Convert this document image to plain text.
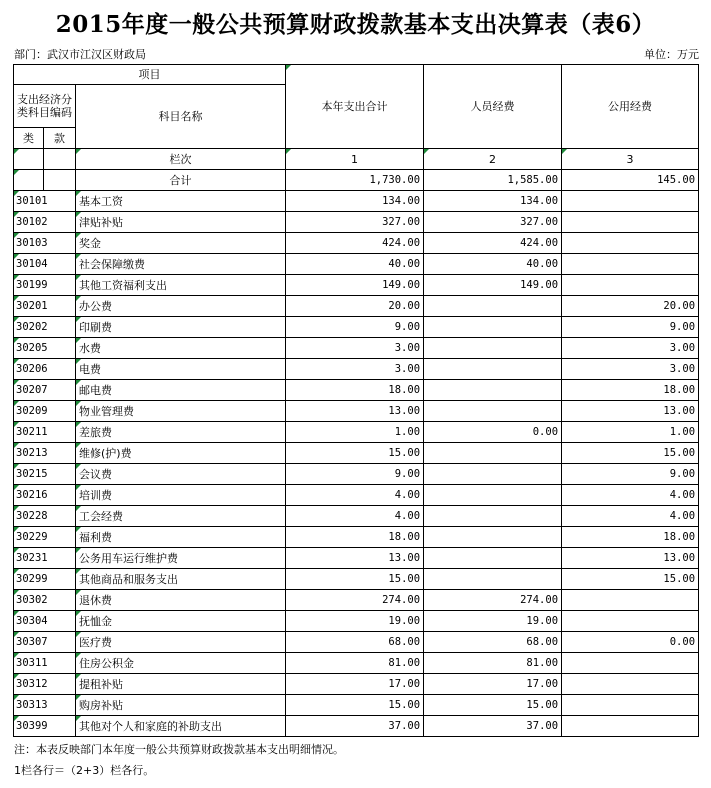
2015年度一般公共预算财政拨款基本支出决算表（表6）
部门：武汉市江汉区财政局	单位：万元
项目			本年支出合计	人员经费	公用经费
支出经济分类科目编码		科目名称			
类	款				
		栏次	1	2	3
		合计	1,730.00	1,585.00	145.00
30101		基本工资	134.00	134.00	
30102		津贴补贴	327.00	327.00	
30103		奖金	424.00	424.00	
30104		社会保障缴费	40.00	40.00	
30199		其他工资福利支出	149.00	149.00	
30201		办公费	20.00		20.00
30202		印刷费	9.00		9.00
30205		水费	3.00		3.00
30206		电费	3.00		3.00
30207		邮电费	18.00		18.00
30209		物业管理费	13.00		13.00
30211		差旅费	1.00	0.00	1.00
30213		维修(护)费	15.00		15.00
30215		会议费	9.00		9.00
30216		培训费	4.00		4.00
30228		工会经费	4.00		4.00
30229		福利费	18.00		18.00
30231		公务用车运行维护费	13.00		13.00
30299		其他商品和服务支出	15.00		15.00
30302		退休费	274.00	274.00	
30304		抚恤金	19.00	19.00	
30307		医疗费	68.00	68.00	0.00
30311		住房公积金	81.00	81.00	
30312		提租补贴	17.00	17.00	
30313		购房补贴	15.00	15.00	
30399		其他对个人和家庭的补助支出	37.00	37.00	
注：本表反映部门本年度一般公共预算财政拨款基本支出明细情况。
1栏各行＝（2+3）栏各行。
